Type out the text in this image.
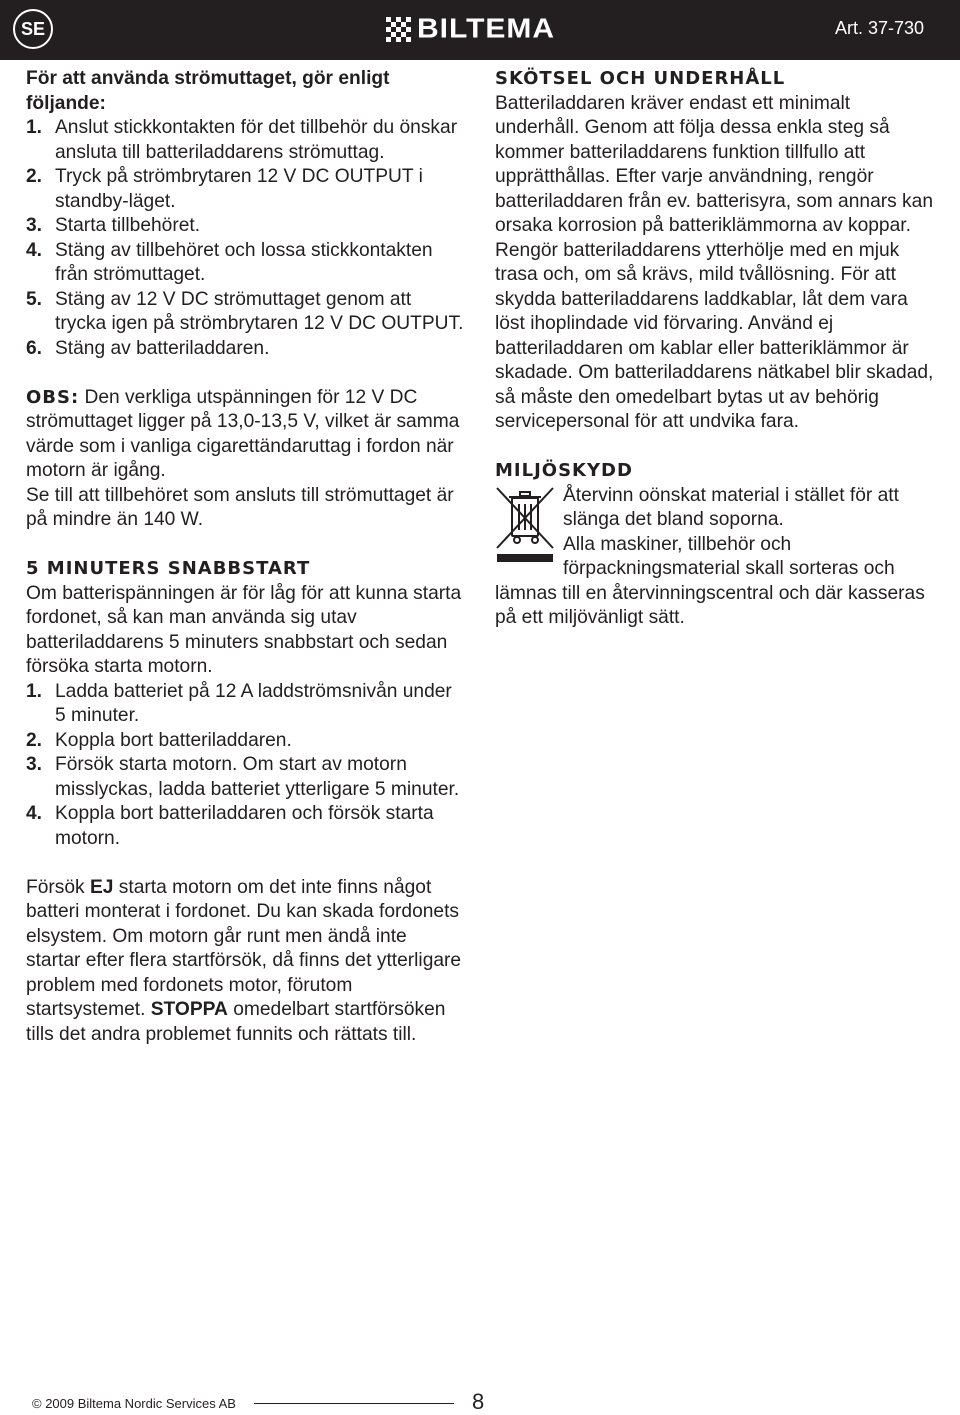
SE	BILTEMA	Art. 37-730

För att använda strömuttaget, gör enligt följande:

1. Anslut stickkontakten för det tillbehör du önskar ansluta till batteriladdarens strömuttag.
2. Tryck på strömbrytaren 12 V DC OUTPUT i standby-läget.
3. Starta tillbehöret.
4. Stäng av tillbehöret och lossa stickkontakten från strömuttaget.
5. Stäng av 12 V DC strömuttaget genom att trycka igen på strömbrytaren 12 V DC OUTPUT.
6. Stäng av batteriladdaren.

OBS: Den verkliga utspänningen för 12 V DC strömuttaget ligger på 13,0-13,5 V, vilket är samma värde som i vanliga cigarettändaruttag i fordon när motorn är igång.

Se till att tillbehöret som ansluts till strömuttaget är på mindre än 140 W.

5 MINUTERS SNABBSTART

Om batterispänningen är för låg för att kunna starta fordonet, så kan man använda sig utav batteriladdarens 5 minuters snabbstart och sedan försöka starta motorn.

1. Ladda batteriet på 12 A laddströmsnivån under 5 minuter.
2. Koppla bort batteriladdaren.
3. Försök starta motorn. Om start av motorn misslyckas, ladda batteriet ytterligare 5 minuter.
4. Koppla bort batteriladdaren och försök starta motorn.

Försök EJ starta motorn om det inte finns något batteri monterat i fordonet. Du kan skada fordonets elsystem. Om motorn går runt men ändå inte startar efter flera startförsök, då finns det ytterligare problem med fordonets motor, förutom startsystemet. STOPPA omedelbart startförsöken tills det andra problemet funnits och rättats till.

SKÖTSEL OCH UNDERHÅLL

Batteriladdaren kräver endast ett minimalt underhåll. Genom att följa dessa enkla steg så kommer batteriladdarens funktion tillfullo att upprätthållas. Efter varje användning, rengör batteriladdaren från ev. batterisyra, som annars kan orsaka korrosion på batteriklämmorna av koppar. Rengör batteriladdarens ytterhölje med en mjuk trasa och, om så krävs, mild tvållösning. För att skydda batteriladdarens laddkablar, låt dem vara löst ihoplindade vid förvaring. Använd ej batteriladdaren om kablar eller batteriklämmor är skadade. Om batteriladdarens nätkabel blir skadad, så måste den omedelbart bytas ut av behörig servicepersonal för att undvika fara.

MILJÖSKYDD

Återvinn oönskat material i stället för att slänga det bland soporna.

Alla maskiner, tillbehör och förpackningsmaterial skall sorteras och lämnas till en återvinningscentral och där kasseras på ett miljövänligt sätt.

© 2009 Biltema Nordic Services AB	8
